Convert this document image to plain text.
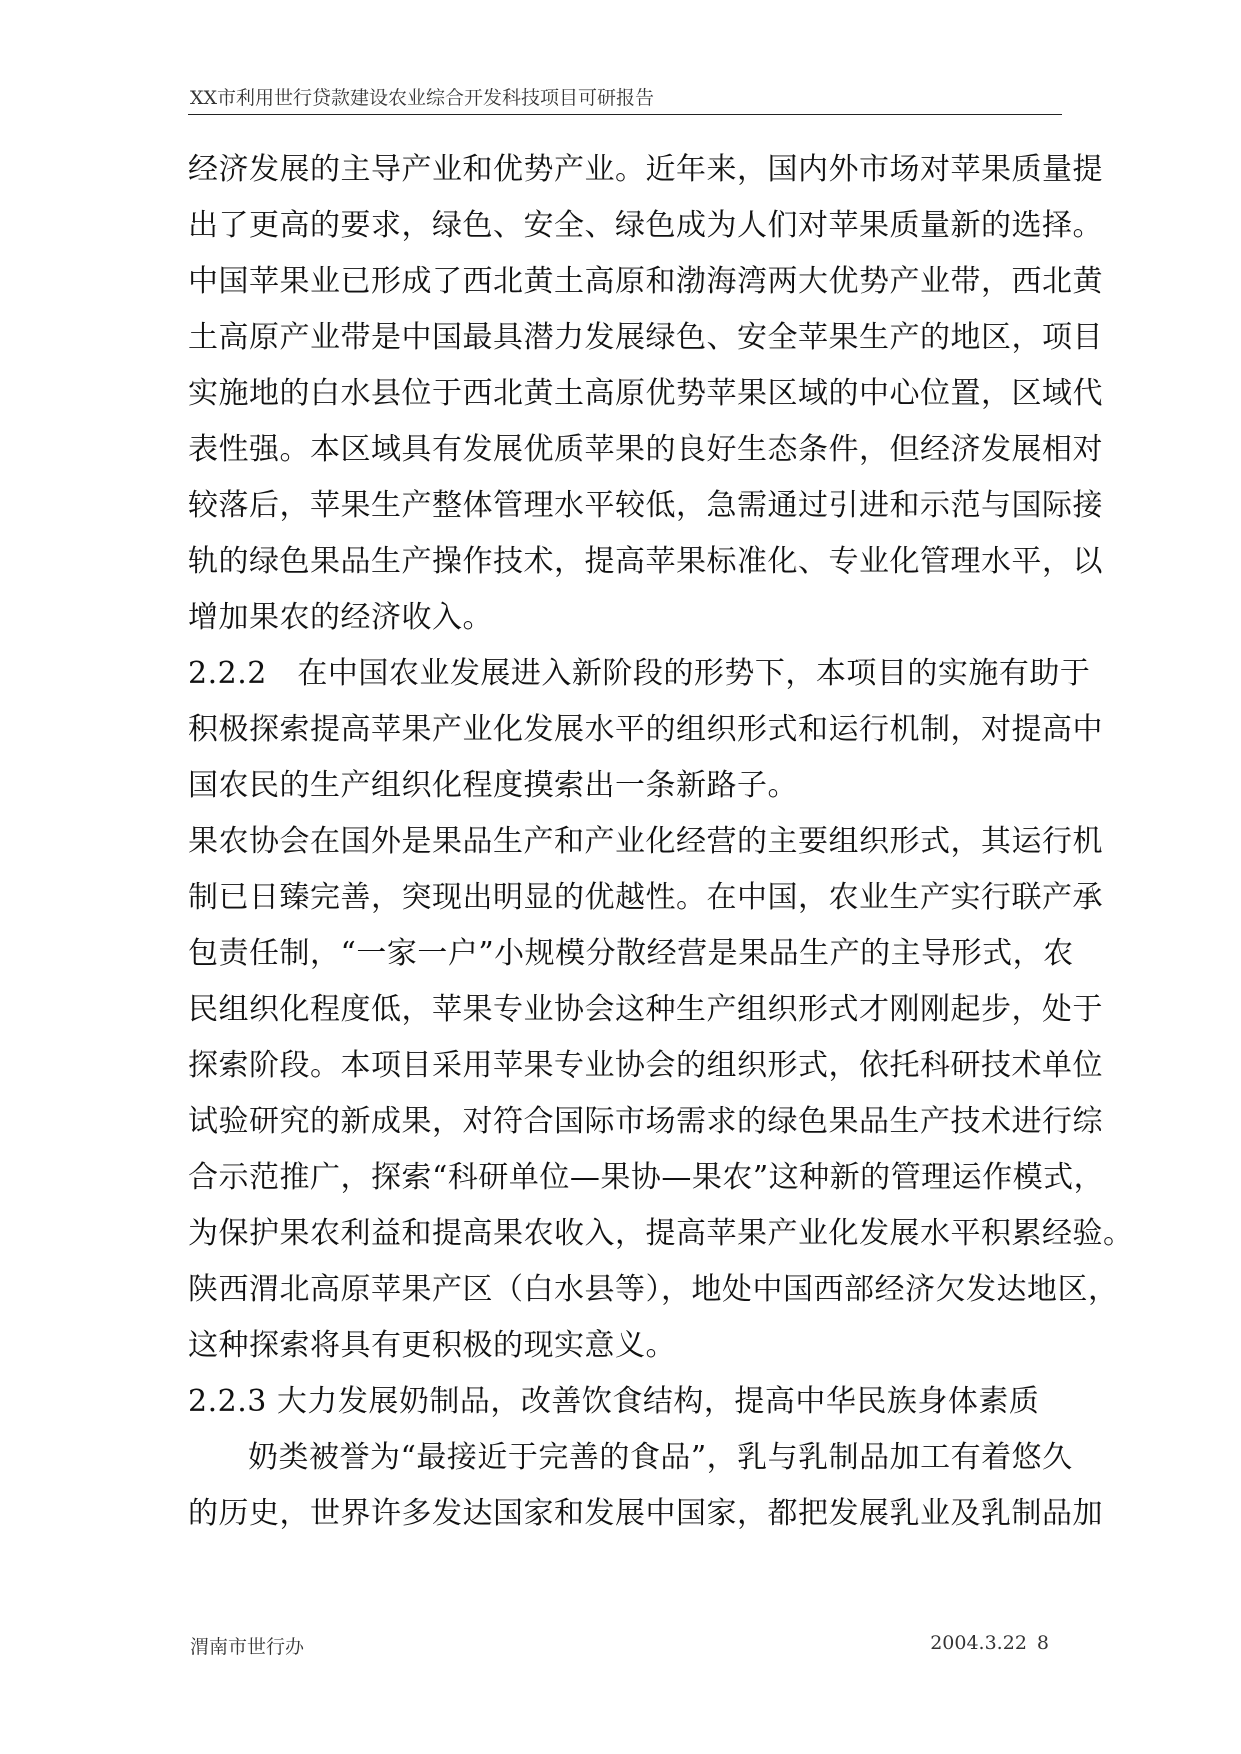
XX市利用世行贷款建设农业综合开发科技项目可研报告
经济发展的主导产业和优势产业。近年来，国内外市场对苹果质量提
出了更高的要求，绿色、安全、绿色成为人们对苹果质量新的选择。
中国苹果业已形成了西北黄土高原和渤海湾两大优势产业带，西北黄
土高原产业带是中国最具潜力发展绿色、安全苹果生产的地区，项目
实施地的白水县位于西北黄土高原优势苹果区域的中心位置，区域代
表性强。本区域具有发展优质苹果的良好生态条件，但经济发展相对
较落后，苹果生产整体管理水平较低，急需通过引进和示范与国际接
轨的绿色果品生产操作技术，提高苹果标准化、专业化管理水平，以
增加果农的经济收入。
2.2.2　在中国农业发展进入新阶段的形势下，本项目的实施有助于
积极探索提高苹果产业化发展水平的组织形式和运行机制，对提高中
国农民的生产组织化程度摸索出一条新路子。
果农协会在国外是果品生产和产业化经营的主要组织形式，其运行机
制已日臻完善，突现出明显的优越性。在中国，农业生产实行联产承
包责任制，“一家一户”小规模分散经营是果品生产的主导形式，农
民组织化程度低，苹果专业协会这种生产组织形式才刚刚起步，处于
探索阶段。本项目采用苹果专业协会的组织形式，依托科研技术单位
试验研究的新成果，对符合国际市场需求的绿色果品生产技术进行综
合示范推广，探索“科研单位—果协—果农”这种新的管理运作模式，
为保护果农利益和提高果农收入，提高苹果产业化发展水平积累经验。
陕西渭北高原苹果产区（白水县等），地处中国西部经济欠发达地区，
这种探索将具有更积极的现实意义。
2.2.3 大力发展奶制品，改善饮食结构，提高中华民族身体素质
奶类被誉为“最接近于完善的食品”，乳与乳制品加工有着悠久
的历史，世界许多发达国家和发展中国家，都把发展乳业及乳制品加
渭南市世行办	2004.3.22 8
